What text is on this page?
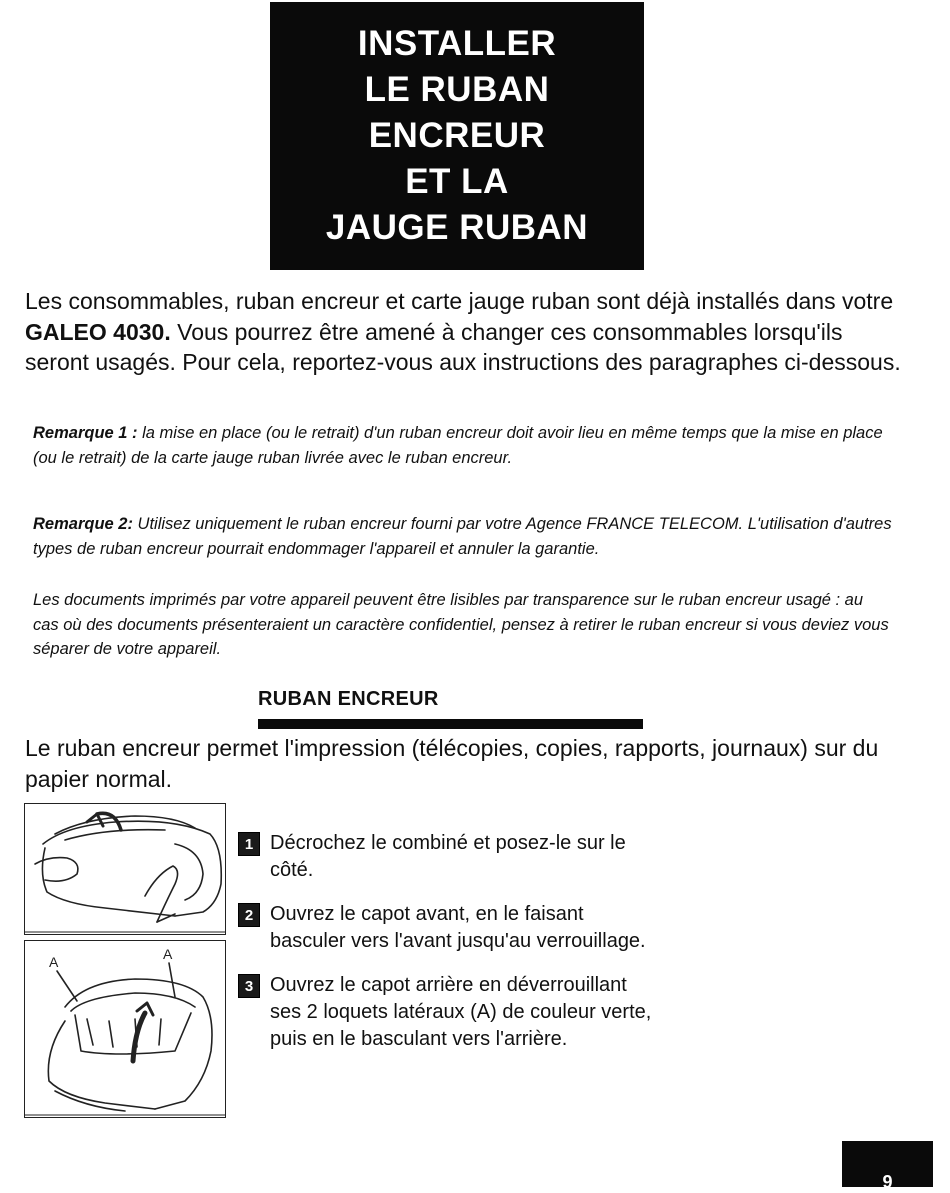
INSTALLER
LE RUBAN
ENCREUR
ET LA
JAUGE RUBAN

Les consommables, ruban encreur et carte jauge ruban sont déjà installés dans votre GALEO 4030. Vous pourrez être amené à changer ces consommables lorsqu'ils seront usagés. Pour cela, reportez-vous aux instructions des paragraphes ci-dessous.

Remarque 1 : la mise en place (ou le retrait) d'un ruban encreur doit avoir lieu en même temps que la mise en place (ou le retrait) de la carte jauge ruban livrée avec le ruban encreur.

Remarque 2: Utilisez uniquement le ruban encreur fourni par votre Agence FRANCE TELECOM. L'utilisation d'autres types de ruban encreur pourrait endommager l'appareil et annuler la garantie.

Les documents imprimés par votre appareil peuvent être lisibles par transparence sur le ruban encreur usagé : au cas où des documents présenteraient un caractère confidentiel, pensez à retirer le ruban encreur si vous deviez vous séparer de votre appareil.

RUBAN ENCREUR

Le ruban encreur permet l'impression (télécopies, copies, rapports, journaux) sur du papier normal.

A	A
1 Décrochez le combiné et posez-le sur le côté.
2 Ouvrez le capot avant, en le faisant basculer vers l'avant jusqu'au verrouillage.
3 Ouvrez le capot arrière en déverrouillant ses 2 loquets latéraux (A) de couleur verte, puis en le basculant vers l'arrière.
9
